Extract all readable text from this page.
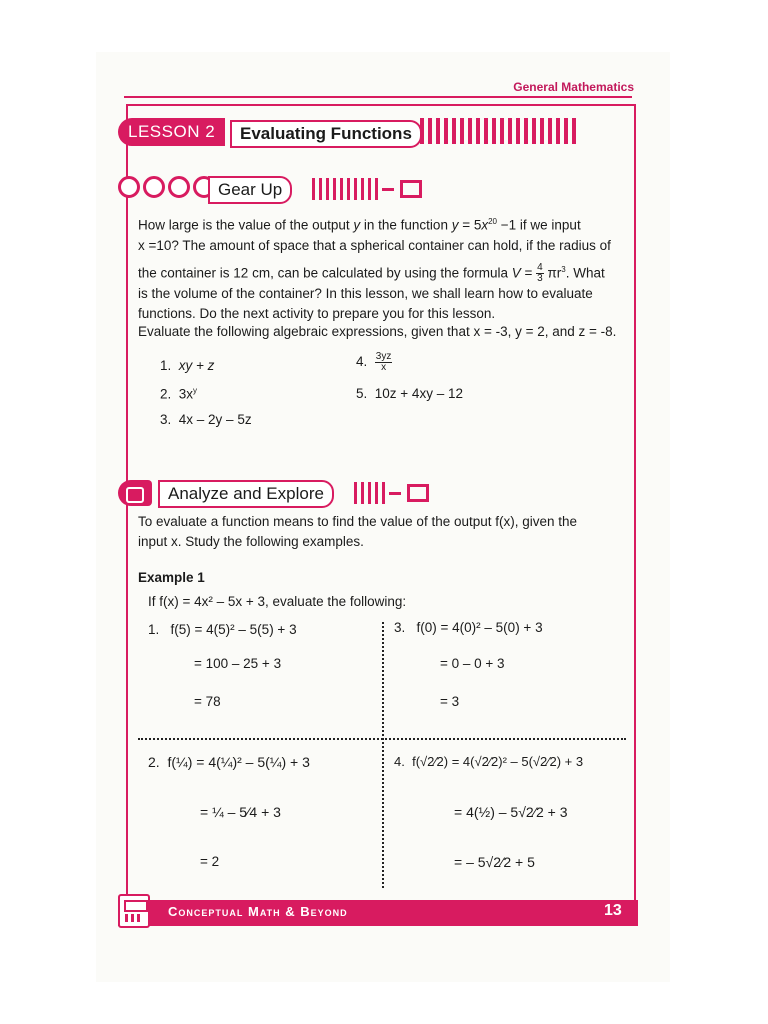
General Mathematics
LESSON 2	Evaluating Functions
Gear Up
How large is the value of the output y in the function $y = 5x^{20} -1$ if we input
x =10? The amount of space that a spherical container can hold, if the radius of
the container is 12 cm, can be calculated by using the formula $V = \frac{4}{3} \pi r^3$. What
is the volume of the container? In this lesson, we shall learn how to evaluate
functions. Do the next activity to prepare you for this lesson.
Evaluate the following algebraic expressions, given that x = -3, y = 2, and z = -8.
1. xy + z
2. $3x^y$
3. 4x – 2y – 5z
4. $\frac{3yz}{x}$
5. 10z + 4xy – 12
Analyze and Explore
To evaluate a function means to find the value of the output f(x), given the
input x. Study the following examples.
Example 1
If f(x) = 4x² – 5x + 3, evaluate the following:
1. f(5) = 4(5)² – 5(5) + 3
= 100 – 25 + 3
= 78
3. f(0) = 4(0)² – 5(0) + 3
= 0 – 0 + 3
= 3
2. f(¼) = 4(¼)² – 5(¼) + 3
= ¼ – 5⁄4 + 3
= 2
4. f(√2⁄2) = 4(√2⁄2)² – 5(√2⁄2) + 3
= 4(½) – 5√2⁄2 + 3
= – 5√2⁄2 + 5
Conceptual Math & Beyond	13
